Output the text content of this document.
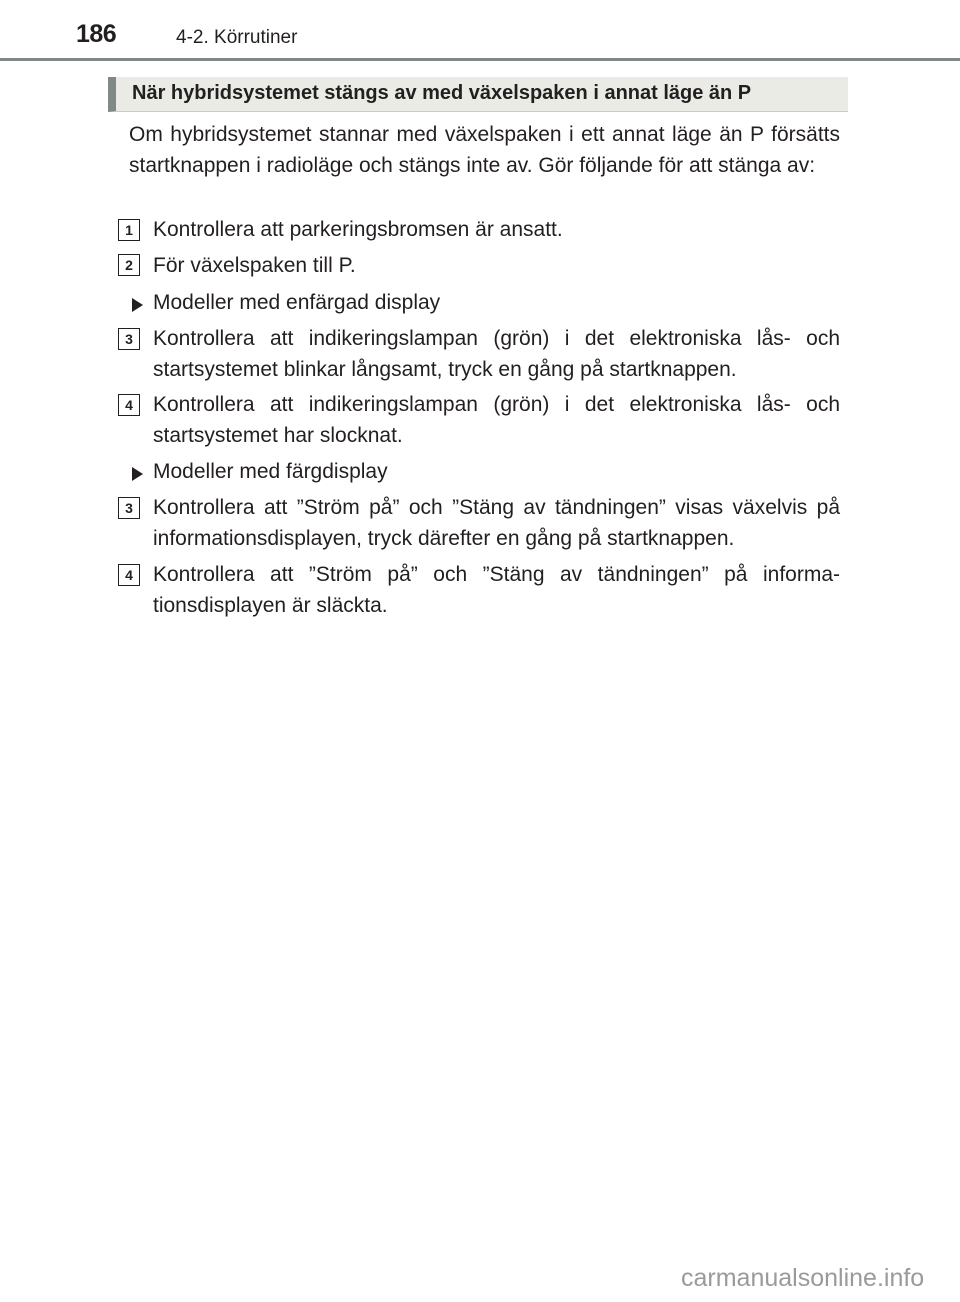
186	4-2. Körrutiner
När hybridsystemet stängs av med växelspaken i annat läge än P
Om hybridsystemet stannar med växelspaken i ett annat läge än P försätts startknappen i radioläge och stängs inte av. Gör följande för att stänga av:
1 Kontrollera att parkeringsbromsen är ansatt.
2 För växelspaken till P.
Modeller med enfärgad display
3 Kontrollera att indikeringslampan (grön) i det elektroniska lås- och startsystemet blinkar långsamt, tryck en gång på startknappen.
4 Kontrollera att indikeringslampan (grön) i det elektroniska lås- och startsystemet har slocknat.
Modeller med färgdisplay
3 Kontrollera att ”Ström på” och ”Stäng av tändningen” visas växelvis på informationsdisplayen, tryck därefter en gång på startknappen.
4 Kontrollera att ”Ström på” och ”Stäng av tändningen” på informa-tionsdisplayen är släckta.
carmanualsonline.info
